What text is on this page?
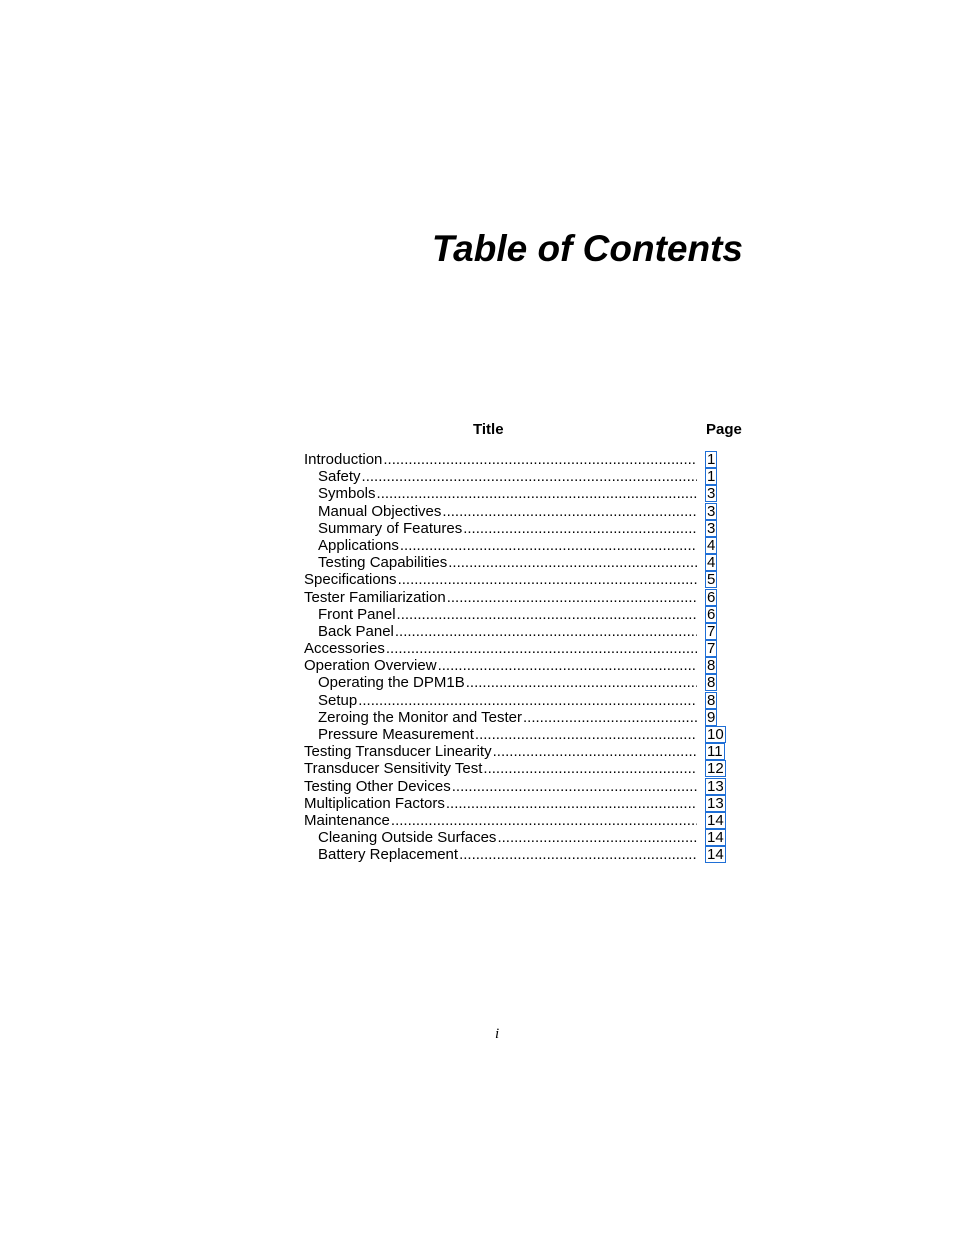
Table of Contents
Title	Page
Introduction .....	1
Safety .....	1
Symbols .....	3
Manual Objectives .....	3
Summary of Features .....	3
Applications .....	4
Testing Capabilities .....	4
Specifications .....	5
Tester Familiarization .....	6
Front Panel .....	6
Back Panel .....	7
Accessories .....	7
Operation Overview .....	8
Operating the DPM1B .....	8
Setup .....	8
Zeroing the Monitor and Tester .....	9
Pressure Measurement .....	10
Testing Transducer Linearity .....	11
Transducer Sensitivity Test .....	12
Testing Other Devices .....	13
Multiplication Factors .....	13
Maintenance .....	14
Cleaning Outside Surfaces .....	14
Battery Replacement .....	14
i
